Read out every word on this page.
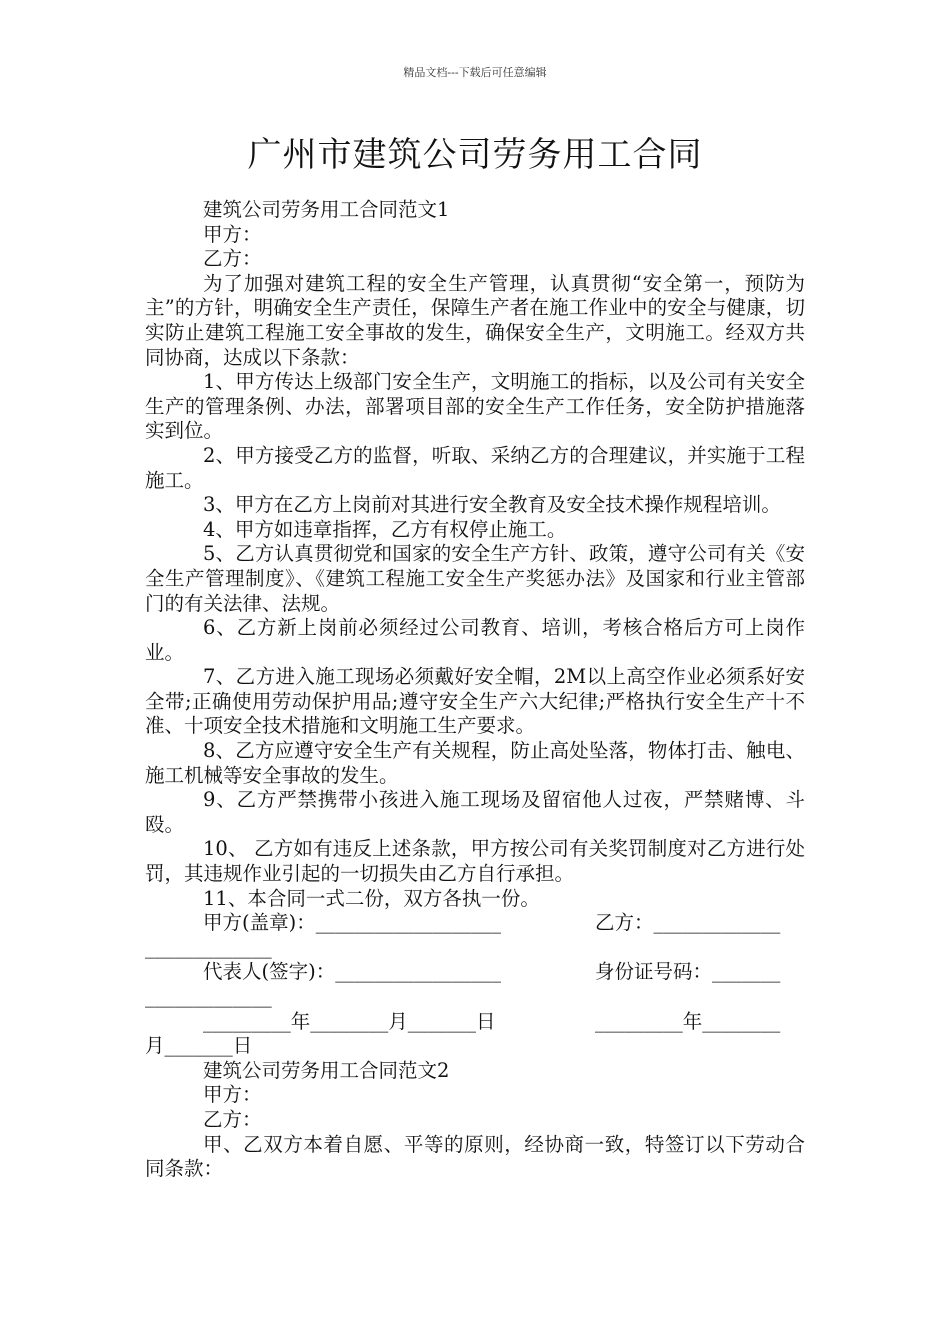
精品文档---下载后可任意编辑
广州市建筑公司劳务用工合同

建筑公司劳务用工合同范文1

甲方：

乙方：

为了加强对建筑工程的安全生产管理，认真贯彻“安全第一，预防为主”的方针，明确安全生产责任，保障生产者在施工作业中的安全与健康，切实防止建筑工程施工安全事故的发生，确保安全生产，文明施工。经双方共同协商，达成以下条款：

1、甲方传达上级部门安全生产，文明施工的指标，以及公司有关安全生产的管理条例、办法，部署项目部的安全生产工作任务，安全防护措施落实到位。

2、甲方接受乙方的监督，听取、采纳乙方的合理建议，并实施于工程施工。

3、甲方在乙方上岗前对其进行安全教育及安全技术操作规程培训。

4、甲方如违章指挥，乙方有权停止施工。

5、乙方认真贯彻党和国家的安全生产方针、政策，遵守公司有关《安全生产管理制度》、《建筑工程施工安全生产奖惩办法》及国家和行业主管部门的有关法律、法规。

6、乙方新上岗前必须经过公司教育、培训，考核合格后方可上岗作业。

7、乙方进入施工现场必须戴好安全帽，2M以上高空作业必须系好安全带;正确使用劳动保护用品;遵守安全生产六大纪律;严格执行安全生产十不准、十项安全技术措施和文明施工生产要求。

8、乙方应遵守安全生产有关规程，防止高处坠落，物体打击、触电、施工机械等安全事故的发生。

9、乙方严禁携带小孩进入施工现场及留宿他人过夜，严禁赌博、斗殴。

10、 乙方如有违反上述条款，甲方按公司有关奖罚制度对乙方进行处罚，其违规作业引起的一切损失由乙方自行承担。

11、本合同一式二份，双方各执一份。

甲方(盖章)：___________________	乙方：_____________
_____________
代表人(签字)：_________________	身份证号码：_______
_____________
_________年________月_______日	_________年________
月_______日

建筑公司劳务用工合同范文2

甲方：

乙方：

甲、乙双方本着自愿、平等的原则，经协商一致，特签订以下劳动合同条款：
